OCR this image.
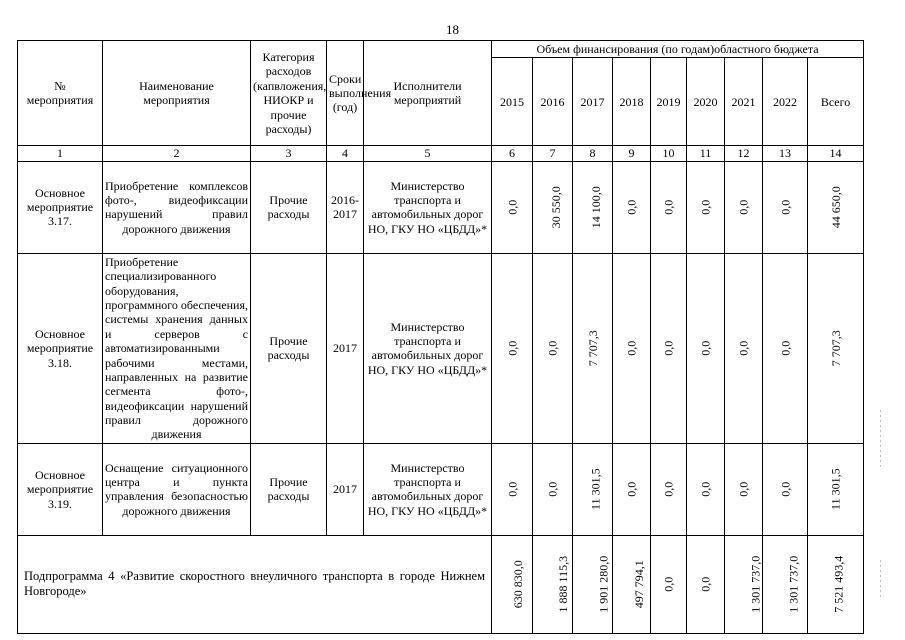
18
№ мероприятия	Наименование мероприятия	Категория расходов (капвложения, НИОКР и прочие расходы)	Сроки выполнения (год)	Исполнители мероприятий	Объем финансирования (по годам)областного бюджета								
					2015	2016	2017	2018	2019	2020	2021	2022	Всего
1	2	3	4	5	6	7	8	9	10	11	12	13	14
Основное мероприятие 3.17.	Приобретение комплексов фото-, видеофиксации нарушений правил дорожного движения	Прочие расходы	2016-2017	Министерство транспорта и автомобильных дорог НО, ГКУ НО «ЦБДД»*	0,0	30 550,0	14 100,0	0,0	0,0	0,0	0,0	0,0	44 650,0
Основное мероприятие 3.18.	Приобретение специализированного оборудования, программного обеспечения, системы хранения данных и серверов с автоматизированными рабочими местами, направленных на развитие сегмента фото-, видеофиксации нарушений правил дорожного движения	Прочие расходы	2017	Министерство транспорта и автомобильных дорог НО, ГКУ НО «ЦБДД»*	0,0	0,0	7 707,3	0,0	0,0	0,0	0,0	0,0	7 707,3
Основное мероприятие 3.19.	Оснащение ситуационного центра и пункта управления безопасностью дорожного движения	Прочие расходы	2017	Министерство транспорта и автомобильных дорог НО, ГКУ НО «ЦБДД»*	0,0	0,0	11 301,5	0,0	0,0	0,0	0,0	0,0	11 301,5
Подпрограмма 4 «Развитие скоростного внеуличного транспорта в городе Нижнем Новгороде»					630 830,0	1 888 115,3	1 901 280,0	497 794,1	0,0	0,0	1 301 737,0	1 301 737,0	7 521 493,4
